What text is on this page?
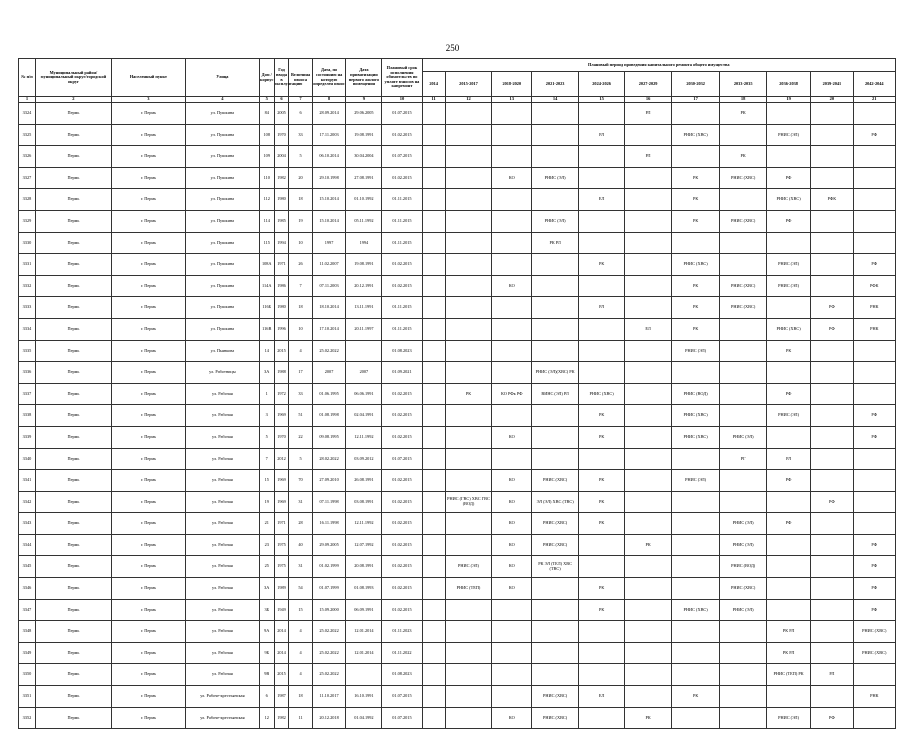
250
№ п/п	Муниципальный район/ муниципальный округ/городской округ	Населенный пункт	Улица	Дом / корпус	Год ввода в эксплуатацию	Величина износа	Дата, по состоянию на которую определен износ	Дата приватизации первого жилого помещения	Плановый срок исполнения обязательств по уплате взносов на капремонт	Плановый период проведения капитального ремонта общего имущества										
										2014	2015-2017	2018-2020	2021-2023	2024-2026	2027-2029	2030-2032	2033-2035	2036-2038	2039-2041	2042-2044
1	2	3	4	5	6	7	8	9	10	11	12	13	14	15	16	17	18	19	20	21
3324	Пермь	г. Пермь	ул. Пушкина	84	2005	6	28.09.2014	29.06.2005	01.07.2015						РЛ		РК			
3325	Пермь	г. Пермь	ул. Пушкина	108	1970	33	17.11.2003	19.08.1991	01.02.2015					РЛ		РНИС (ХВС)		РНИС (ЭЛ)		РФ
3326	Пермь	г. Пермь	ул. Пушкина	109	2004	5	06.10.2014	30.04.2004	01.07.2015						РЛ		РК			
3327	Пермь	г. Пермь	ул. Пушкина	110	1982	20	29.10.1998	27.08.1991	01.02.2015			КО	РНИС (ЭЛ)			РК	РНИС (ХВС)	РФ		
3328	Пермь	г. Пермь	ул. Пушкина	112	1980	18	15.10.2014	01.10.1992	01.11.2015					ЕЛ		РК		РНИС (ХВС)	РФК	
3329	Пермь	г. Пермь	ул. Пушкина	114	1985	19	15.10.2014	05.11.1992	01.11.2015				РНИС (ЭЛ)			РК	РНИС (ХВС)	РФ		
3330	Пермь	г. Пермь	ул. Пушкина	115	1994	10	1997	1994	01.11.2015				РК РЛ							
3331	Пермь	г. Пермь	ул. Пушкина	108А	1971	26	11.02.2007	19.08.1991	01.02.2015					РК		РНИС (ХВС)		РНИС (ЭЛ)		РФ
3332	Пермь	г. Пермь	ул. Пушкина	114А	1986	7	07.11.2003	20.12.1991	01.02.2015			КО				РК	РНИС (ХВС)	РНИС (ЭЛ)		РФК
3333	Пермь	г. Пермь	ул. Пушкина	116Б	1980	18	18.10.2014	13.11.1991	01.11.2015					РЛ		РК	РНИС (ХВС)		РФ	РНК
3334	Пермь	г. Пермь	ул. Пушкина	116В	1996	10	17.10.2014	20.11.1997	01.11.2015						ЕЛ	РК		РНИС (ХВС)	РФ	РНК
3335	Пермь	г. Пермь	ул. Пьянкова	14	2015	4	25.02.2022		01.08.2023							РНИС (ЭЛ)		РК		
3336	Пермь	г. Пермь	ул. Работницы	3А	1988	17	2007	2007	01.09.2021				РНИС (ЭЛ)(ХВС) РК							
3337	Пермь	г. Пермь	ул. Рабочая	1	1972	33	01.06.1995	06.06.1991	01.02.2015		РК	КО РФк РФ	ВИНС (ЭЛ) РЛ	РНИС (ХВС)		РНИС (ВОД)		РФ		
3338	Пермь	г. Пермь	ул. Рабочая	3	1969	51	01.08.1998	02.04.1991	01.02.2015					РК		РНИС (ХВС)		РНИС (ЭЛ)		РФ
3339	Пермь	г. Пермь	ул. Рабочая	5	1970	22	09.08.1995	12.11.1992	01.02.2015			КО		РК		РНИС (ХВС)	РНИС (ЭЛ)			РФ
3340	Пермь	г. Пермь	ул. Рабочая	7	2012	5	28.02.2022	03.09.2012	01.07.2015								РГ	РЛ		
3341	Пермь	г. Пермь	ул. Рабочая	15	1969	70	27.09.2010	26.08.1991	01.02.2015			КО	РНИС (ХВС)	РК		РНИС (ЭЛ)		РФ		
3342	Пермь	г. Пермь	ул. Рабочая	19	1969	31	07.11.1998	03.08.1991	01.02.2015		РНИС (ГВС) ХВС ГВС (ВОД)	КО	ЭЛ (ЭЛ) ХВС (ТВС)	РК					РФ	
3343	Пермь	г. Пермь	ул. Рабочая	21	1971	28	16.11.1998	12.11.1992	01.02.2015			КО	РНИС (ХВС)	РК			РНИС (ЭЛ)	РФ		
3344	Пермь	г. Пермь	ул. Рабочая	23	1975	40	29.09.2005	12.07.1992	01.02.2015			КО	РНИС (ХВС)		РК		РНИС (ЭЛ)			РФ
3345	Пермь	г. Пермь	ул. Рабочая	25	1975	31	01.02.1999	20.08.1991	01.02.2015		РНИС (ЭЛ)	КО	РК ЭЛ (ТЕЛ) ХВС (ТВС)				РНИС (ВОД)			РФ
3346	Пермь	г. Пермь	ул. Рабочая	3А	1989	54	01.07.1999	01.08.1993	01.02.2015		РНИС (ТЕП)	КО		РК			РНИС (ХВС)			РФ
3347	Пермь	г. Пермь	ул. Рабочая	3Б	1949	15	15.09.2000	06.09.1991	01.02.2015					РК		РНИС (ХВС)	РНИС (ЭЛ)			РФ
3348	Пермь	г. Пермь	ул. Рабочая	9А	2014	4	25.02.2022	12.01.2014	01.11.2023									РК РЛ		РНИС (ХВС)
3349	Пермь	г. Пермь	ул. Рабочая	9Б	2014	4	25.02.2022	12.01.2014	01.11.2022									РК РЛ		РНИС (ХВС)
3350	Пермь	г. Пермь	ул. Рабочая	9В	2015	4	25.02.2022		01.08.2023									РНИС (ТЕП) РК	РЛ	
3351	Пермь	г. Пермь	ул. Рабоче-крестьянская	6	1987	18	11.10.2017	16.10.1991	01.07.2015				РНИС (ХВС)	ЕЛ		РК				РНК
3352	Пермь	г. Пермь	ул. Рабоче-крестьянская	12	1982	11	20.12.2018	01.04.1992	01.07.2015			КО	РНИС (ХВС)		РК			РНИС (ЭЛ)	РФ	
